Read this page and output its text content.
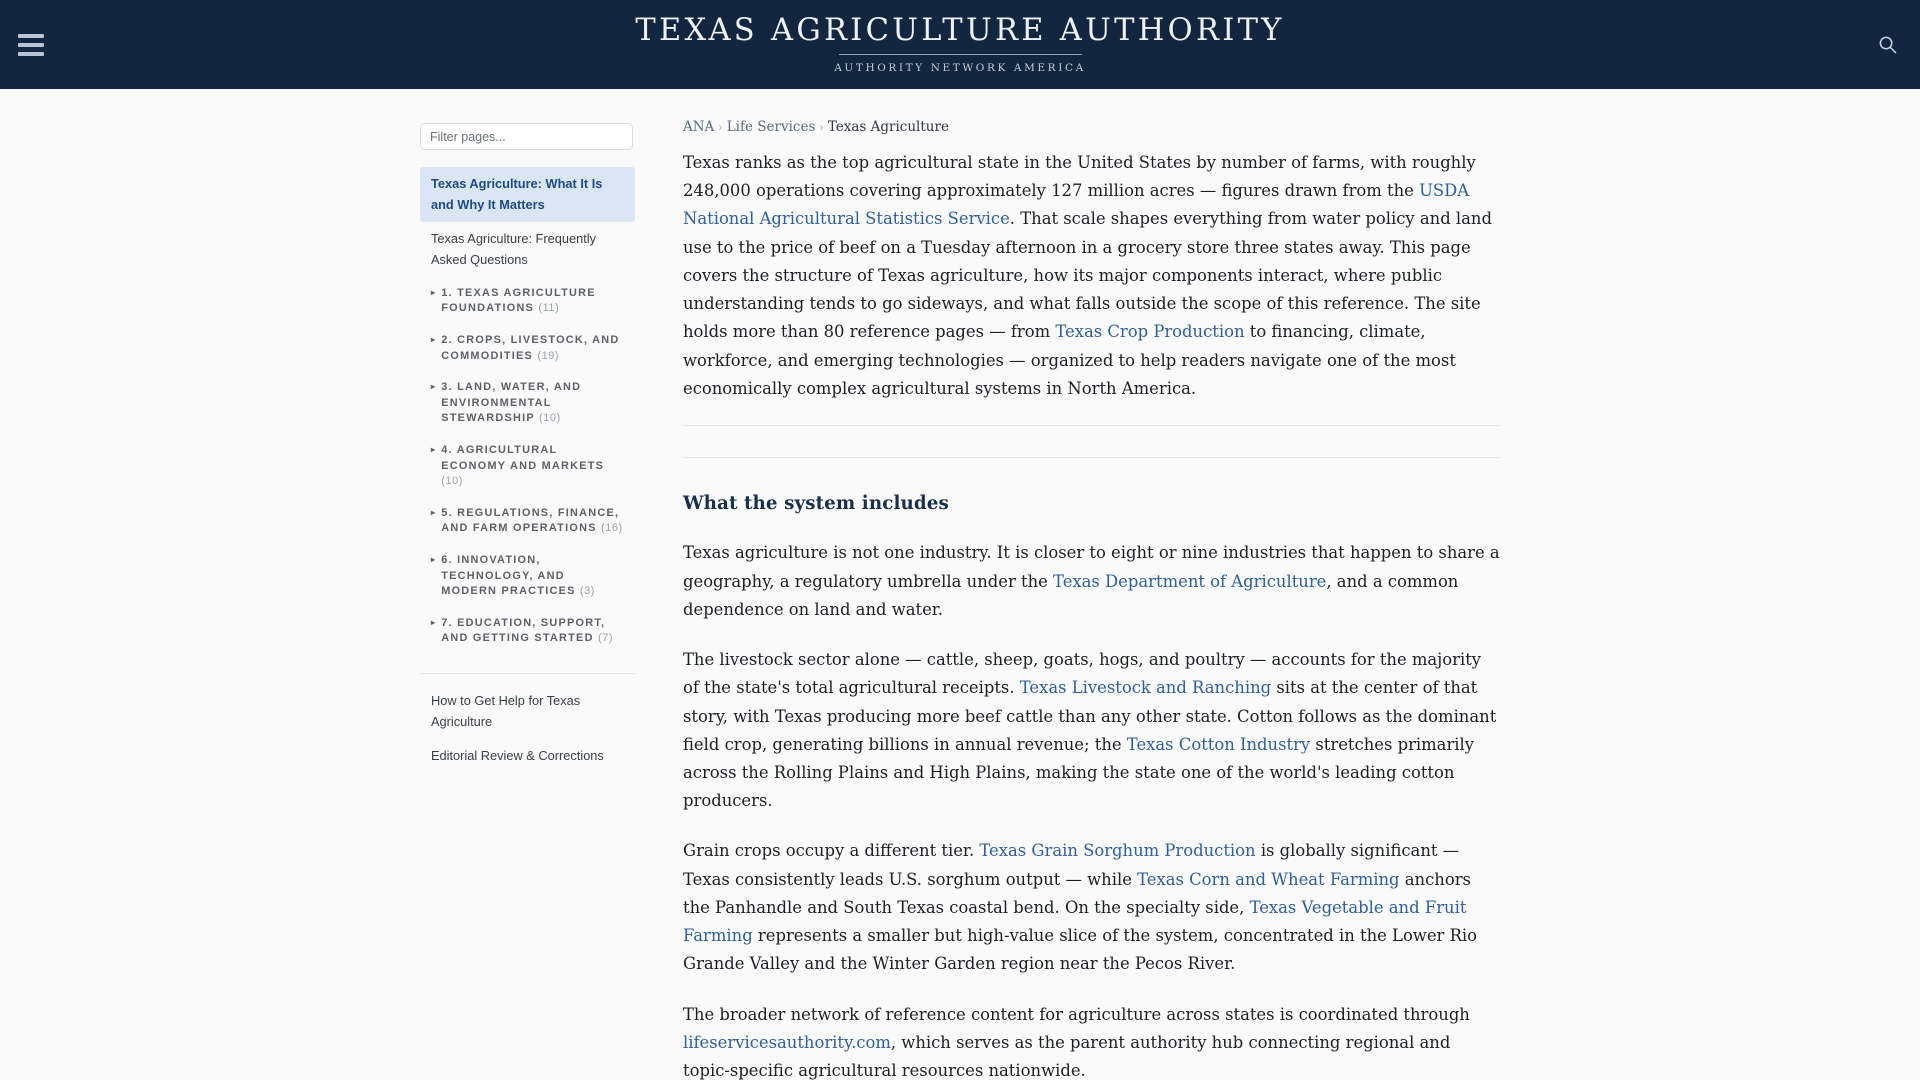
TEXAS AGRICULTURE AUTHORITY
AUTHORITY NETWORK AMERICA
Filter pages...
Texas Agriculture: What It Is and Why It Matters
Texas Agriculture: Frequently Asked Questions
▸ 1. TEXAS AGRICULTURE FOUNDATIONS (11)
▸ 2. CROPS, LIVESTOCK, AND COMMODITIES (19)
▸ 3. LAND, WATER, AND ENVIRONMENTAL STEWARDSHIP (10)
▸ 4. AGRICULTURAL ECONOMY AND MARKETS (10)
▸ 5. REGULATIONS, FINANCE, AND FARM OPERATIONS (16)
▸ 6. INNOVATION, TECHNOLOGY, AND MODERN PRACTICES (3)
▸ 7. EDUCATION, SUPPORT, AND GETTING STARTED (7)
How to Get Help for Texas Agriculture
Editorial Review & Corrections
ANA › Life Services › Texas Agriculture

Texas ranks as the top agricultural state in the United States by number of farms, with roughly 248,000 operations covering approximately 127 million acres — figures drawn from the USDA National Agricultural Statistics Service. That scale shapes everything from water policy and land use to the price of beef on a Tuesday afternoon in a grocery store three states away. This page covers the structure of Texas agriculture, how its major components interact, where public understanding tends to go sideways, and what falls outside the scope of this reference. The site holds more than 80 reference pages — from Texas Crop Production to financing, climate, workforce, and emerging technologies — organized to help readers navigate one of the most economically complex agricultural systems in North America.

What the system includes

Texas agriculture is not one industry. It is closer to eight or nine industries that happen to share a geography, a regulatory umbrella under the Texas Department of Agriculture, and a common dependence on land and water.

The livestock sector alone — cattle, sheep, goats, hogs, and poultry — accounts for the majority of the state's total agricultural receipts. Texas Livestock and Ranching sits at the center of that story, with Texas producing more beef cattle than any other state. Cotton follows as the dominant field crop, generating billions in annual revenue; the Texas Cotton Industry stretches primarily across the Rolling Plains and High Plains, making the state one of the world's leading cotton producers.

Grain crops occupy a different tier. Texas Grain Sorghum Production is globally significant — Texas consistently leads U.S. sorghum output — while Texas Corn and Wheat Farming anchors the Panhandle and South Texas coastal bend. On the specialty side, Texas Vegetable and Fruit Farming represents a smaller but high-value slice of the system, concentrated in the Lower Rio Grande Valley and the Winter Garden region near the Pecos River.

The broader network of reference content for agriculture across states is coordinated through lifeservicesauthority.com, which serves as the parent authority hub connecting regional and topic-specific agricultural resources nationwide.
